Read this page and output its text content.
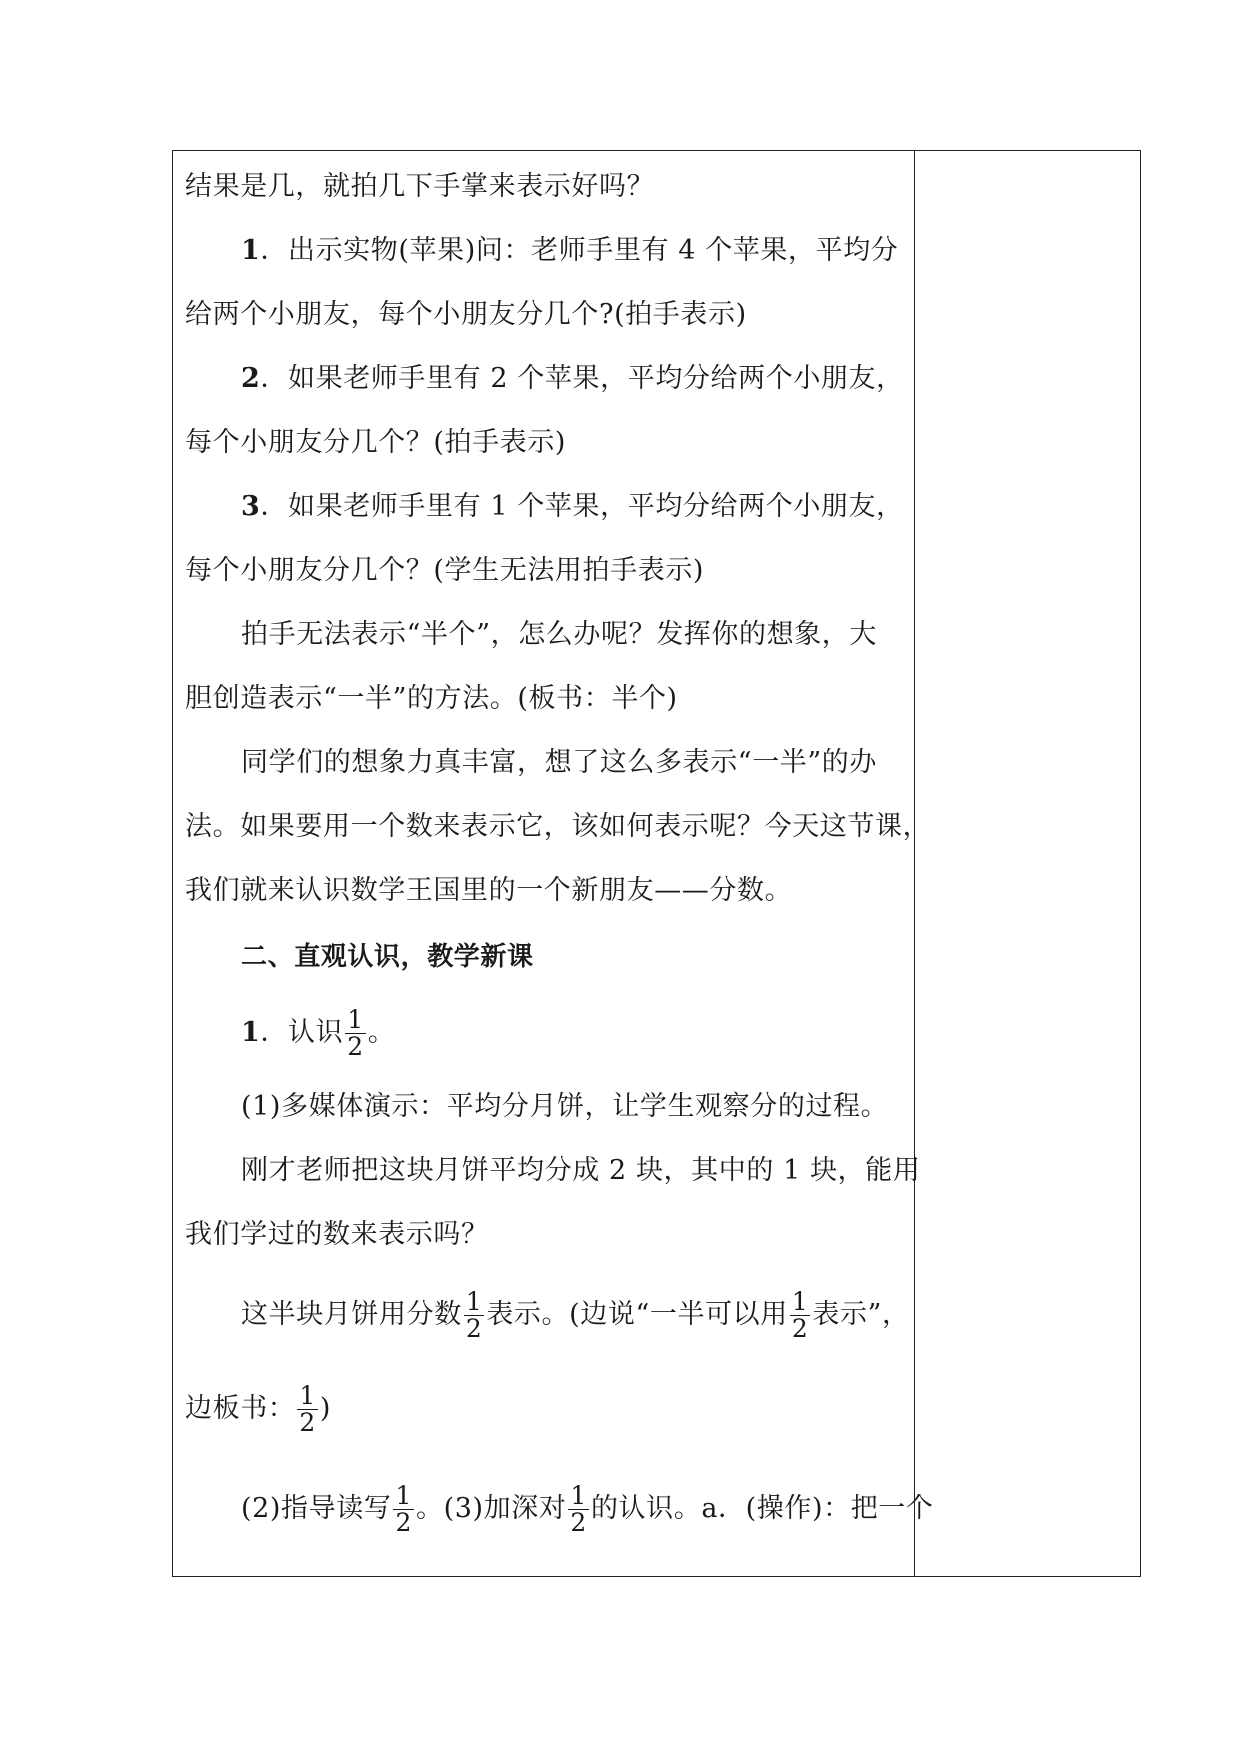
结果是几，就拍几下手掌来表示好吗？
1．出示实物(苹果)问：老师手里有 4 个苹果，平均分
给两个小朋友，每个小朋友分几个?(拍手表示)
2．如果老师手里有 2 个苹果，平均分给两个小朋友，
每个小朋友分几个？(拍手表示)
3．如果老师手里有 1 个苹果，平均分给两个小朋友，
每个小朋友分几个？(学生无法用拍手表示)
拍手无法表示“半个”，怎么办呢？发挥你的想象，大
胆创造表示“一半”的方法。(板书：半个)
同学们的想象力真丰富，想了这么多表示“一半”的办
法。如果要用一个数来表示它，该如何表示呢？今天这节课，
我们就来认识数学王国里的一个新朋友——分数。
二、直观认识，教学新课
1．认识 $\frac{1}{2}$ 。
(1)多媒体演示：平均分月饼，让学生观察分的过程。
刚才老师把这块月饼平均分成 2 块，其中的 1 块，能用
我们学过的数来表示吗？
这半块月饼用分数 $\frac{1}{2}$ 表示。(边说“一半可以用 $\frac{1}{2}$ 表示”，
边板书： $\frac{1}{2}$ )
(2)指导读写 $\frac{1}{2}$ 。(3)加深对 $\frac{1}{2}$ 的认识。a．(操作)：把一个
